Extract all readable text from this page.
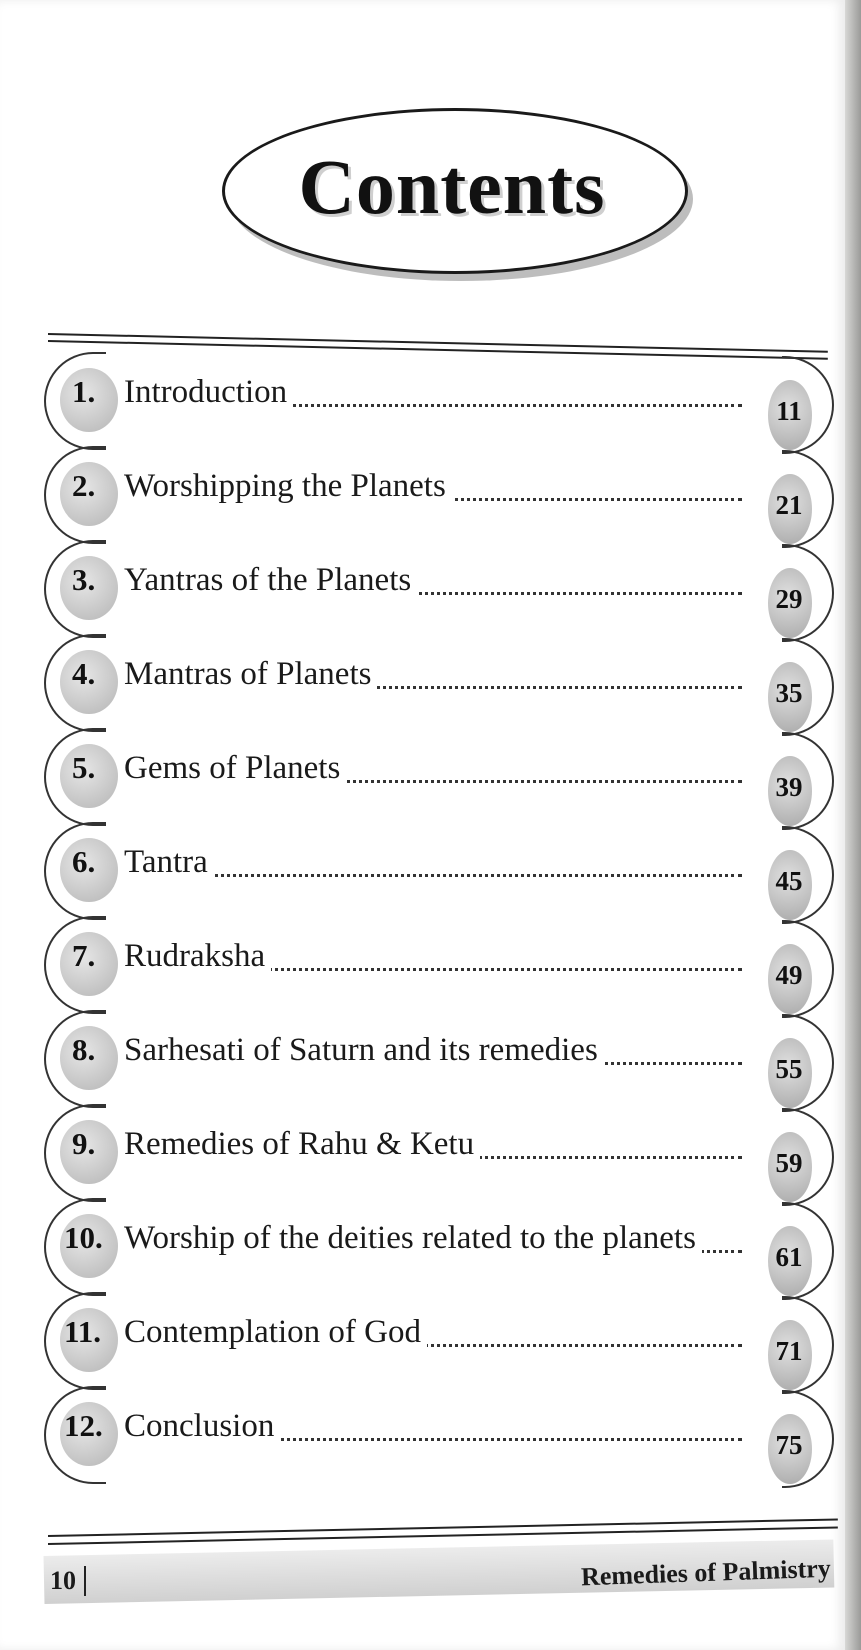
Contents
1. Introduction
11
2. Worshipping the Planets
21
3. Yantras of the Planets
29
4. Mantras of Planets
35
5. Gems of Planets
39
6. Tantra
45
7. Rudraksha
49
8. Sarhesati of Saturn and its remedies
55
9. Remedies of Rahu & Ketu
59
10. Worship of the deities related to the planets
61
11. Contemplation of God
71
12. Conclusion
75
10	Remedies of Palmistry
